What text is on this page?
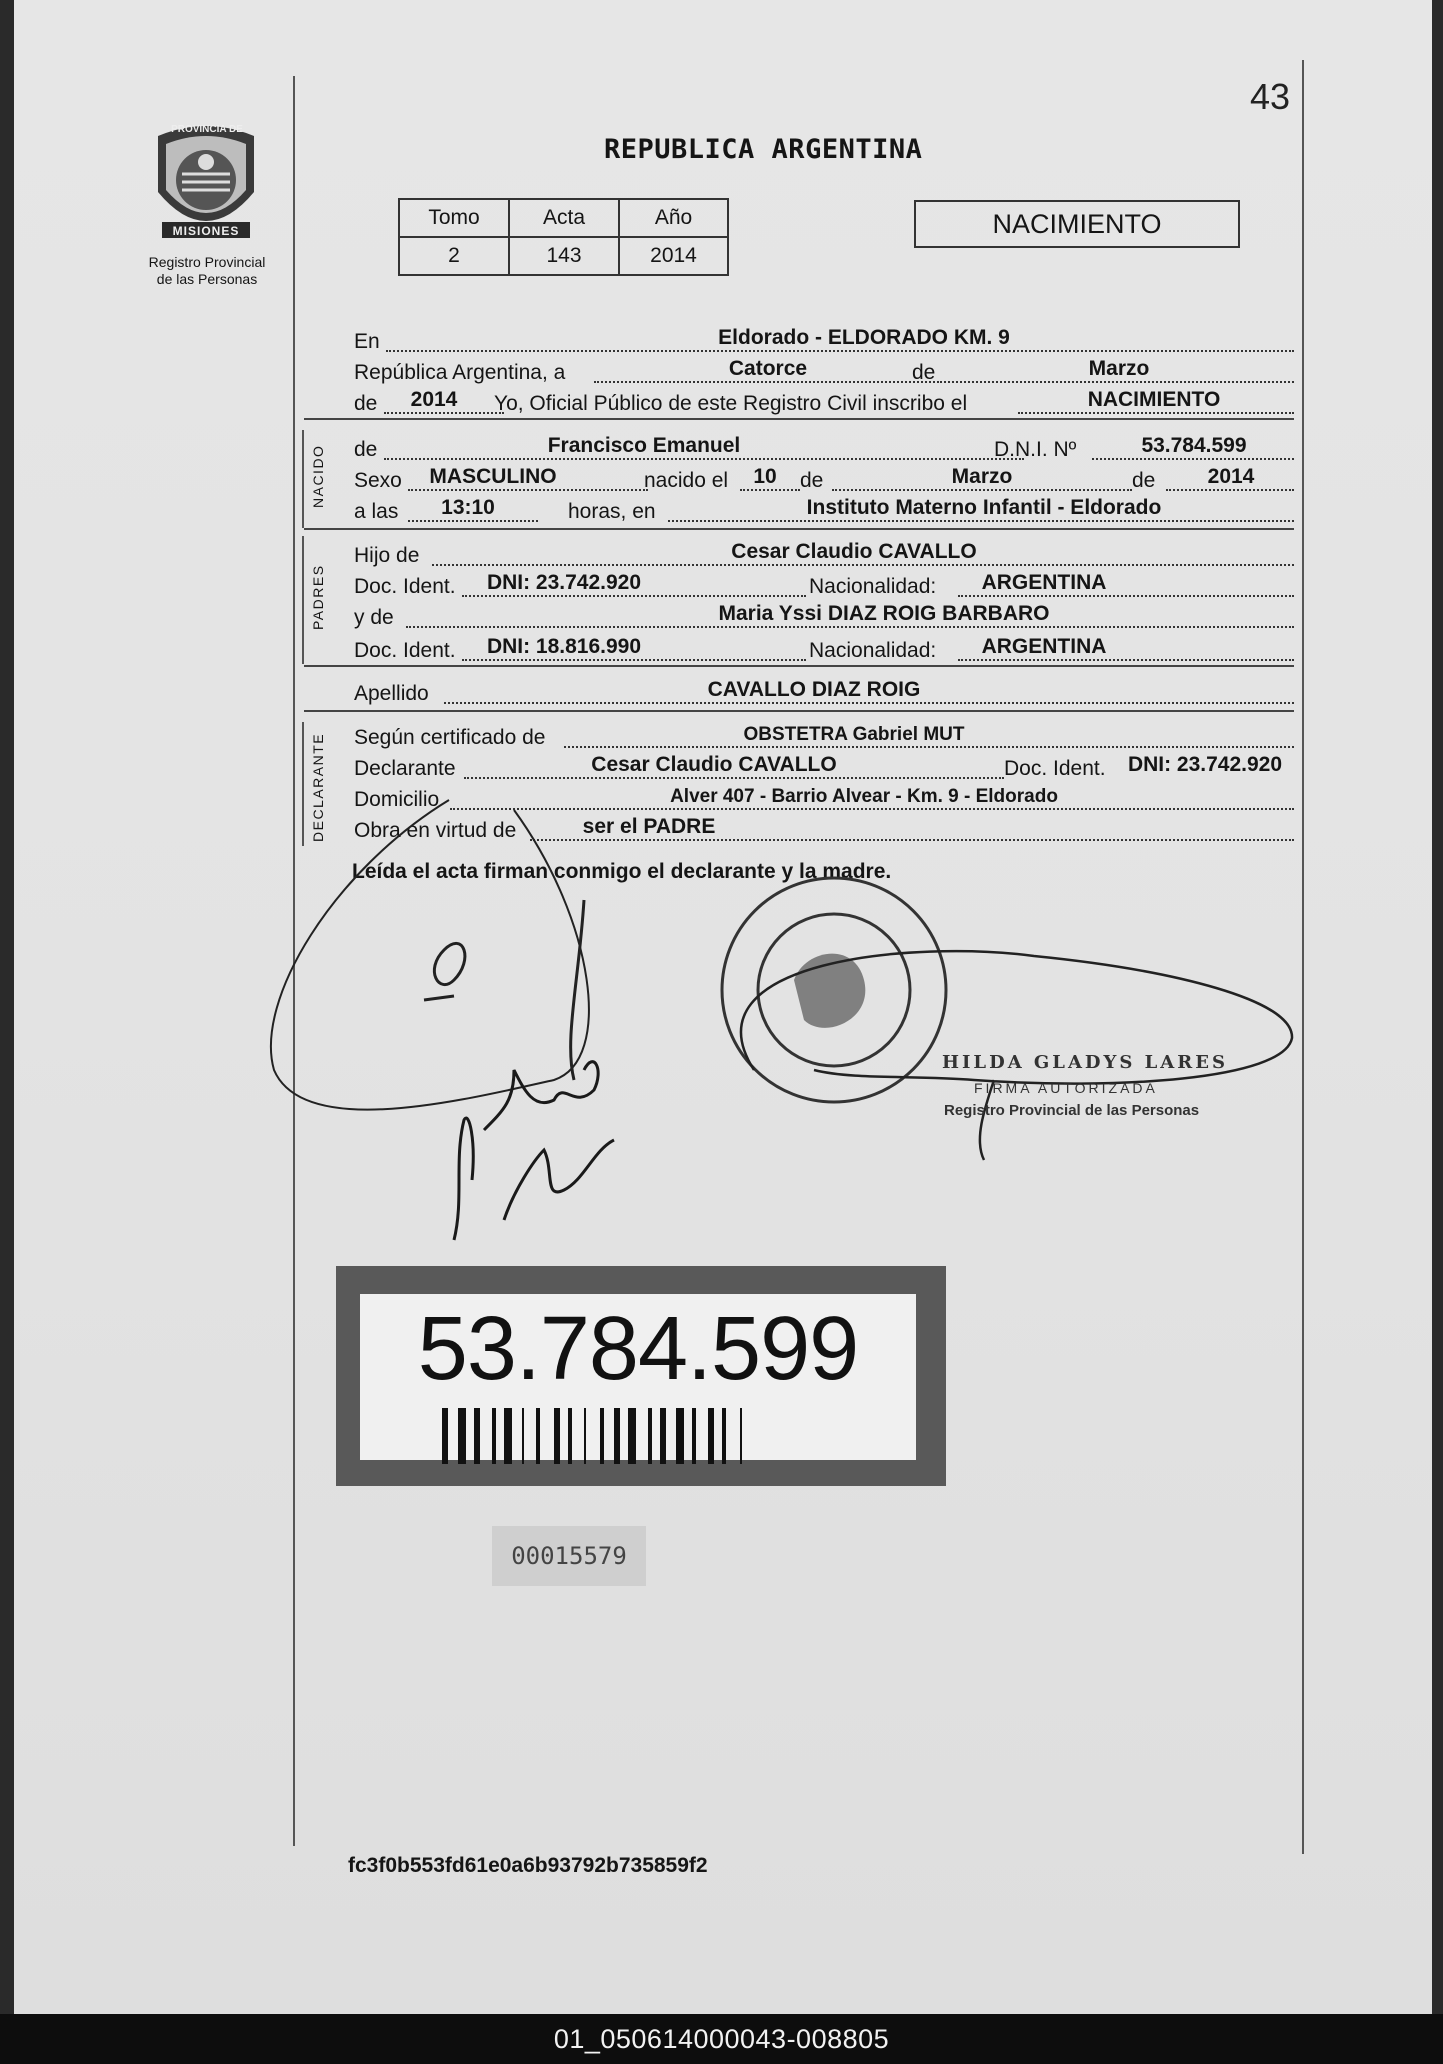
43
PROVINCIA DE
MISIONES
Registro Provincial
de las Personas
REPUBLICA ARGENTINA
Tomo	Acta	Año
2	143	2014
NACIMIENTO
En	Eldorado - ELDORADO KM. 9
República Argentina, a	Catorce	de	Marzo
de	2014	Yo, Oficial Público de este Registro Civil inscribo el	NACIMIENTO
NACIDO de	Francisco Emanuel	D.N.I. Nº	53.784.599
Sexo	MASCULINO	nacido el	10	de	Marzo	de	2014
a las	13:10	horas, en	Instituto Materno Infantil - Eldorado
PADRES
Hijo de	Cesar Claudio CAVALLO
Doc. Ident.	DNI: 23.742.920	Nacionalidad:	ARGENTINA
y de	Maria Yssi DIAZ ROIG BARBARO
Doc. Ident.	DNI: 18.816.990	Nacionalidad:	ARGENTINA
Apellido	CAVALLO DIAZ ROIG
DECLARANTE Según certificado de	OBSTETRA Gabriel MUT
Declarante	Cesar Claudio CAVALLO	Doc. Ident.	DNI: 23.742.920
Domicilio	Alver 407 - Barrio Alvear - Km. 9 - Eldorado
Obra en virtud de	ser el PADRE
Leída el acta firman conmigo el declarante y la madre.
HILDA GLADYS LARES
FIRMA AUTORIZADA
Registro Provincial de las Personas
53.784.599
00015579
fc3f0b553fd61e0a6b93792b735859f2
01_050614000043-008805
